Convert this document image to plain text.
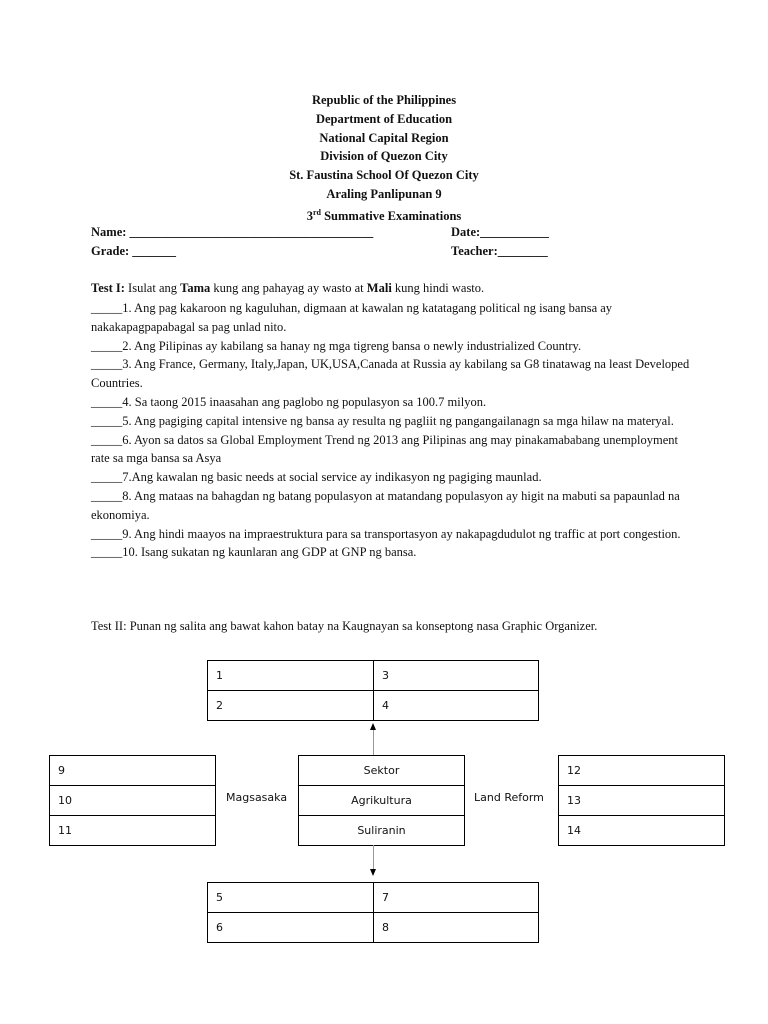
Republic of the Philippines
Department of Education
National Capital Region
Division of Quezon City
St. Faustina School Of Quezon City
Araling Panlipunan 9
3rd Summative Examinations
Name: _______________________________________	Date:___________
Grade: _______	Teacher:________
Test I: Isulat ang Tama kung ang pahayag ay wasto at Mali kung hindi wasto.

_____1. Ang pag kakaroon ng kaguluhan, digmaan at kawalan ng katatagang political ng isang bansa ay nakakapagpapabagal sa pag unlad nito.

_____2. Ang Pilipinas ay kabilang sa hanay ng mga tigreng bansa o newly industrialized Country.

_____3. Ang France, Germany, Italy,Japan, UK,USA,Canada at Russia ay kabilang sa G8 tinatawag na least Developed Countries.

_____4. Sa taong 2015 inaasahan ang paglobo ng populasyon sa 100.7 milyon.

_____5. Ang pagiging capital intensive ng bansa ay resulta ng pagliit ng pangangailanagn sa mga hilaw na materyal.

_____6. Ayon sa datos sa Global Employment Trend ng 2013 ang Pilipinas ang may pinakamababang unemployment rate sa mga bansa sa Asya

_____7.Ang kawalan ng basic needs at social service ay indikasyon ng pagiging maunlad.

_____8. Ang mataas na bahagdan ng batang populasyon at matandang populasyon ay higit na mabuti sa papaunlad na ekonomiya.

_____9. Ang hindi maayos na impraestruktura para sa transportasyon ay nakapagdudulot ng traffic at port congestion.

_____10. Isang sukatan ng kaunlaran ang GDP at GNP ng bansa.

Test II: Punan ng salita ang bawat kahon batay na Kaugnayan sa konseptong nasa Graphic Organizer.
1	3
2	4
9
10
11
Magsasaka
Sektor
Agrikultura
Suliranin
Land Reform
12
13
14
5	7
6	8
